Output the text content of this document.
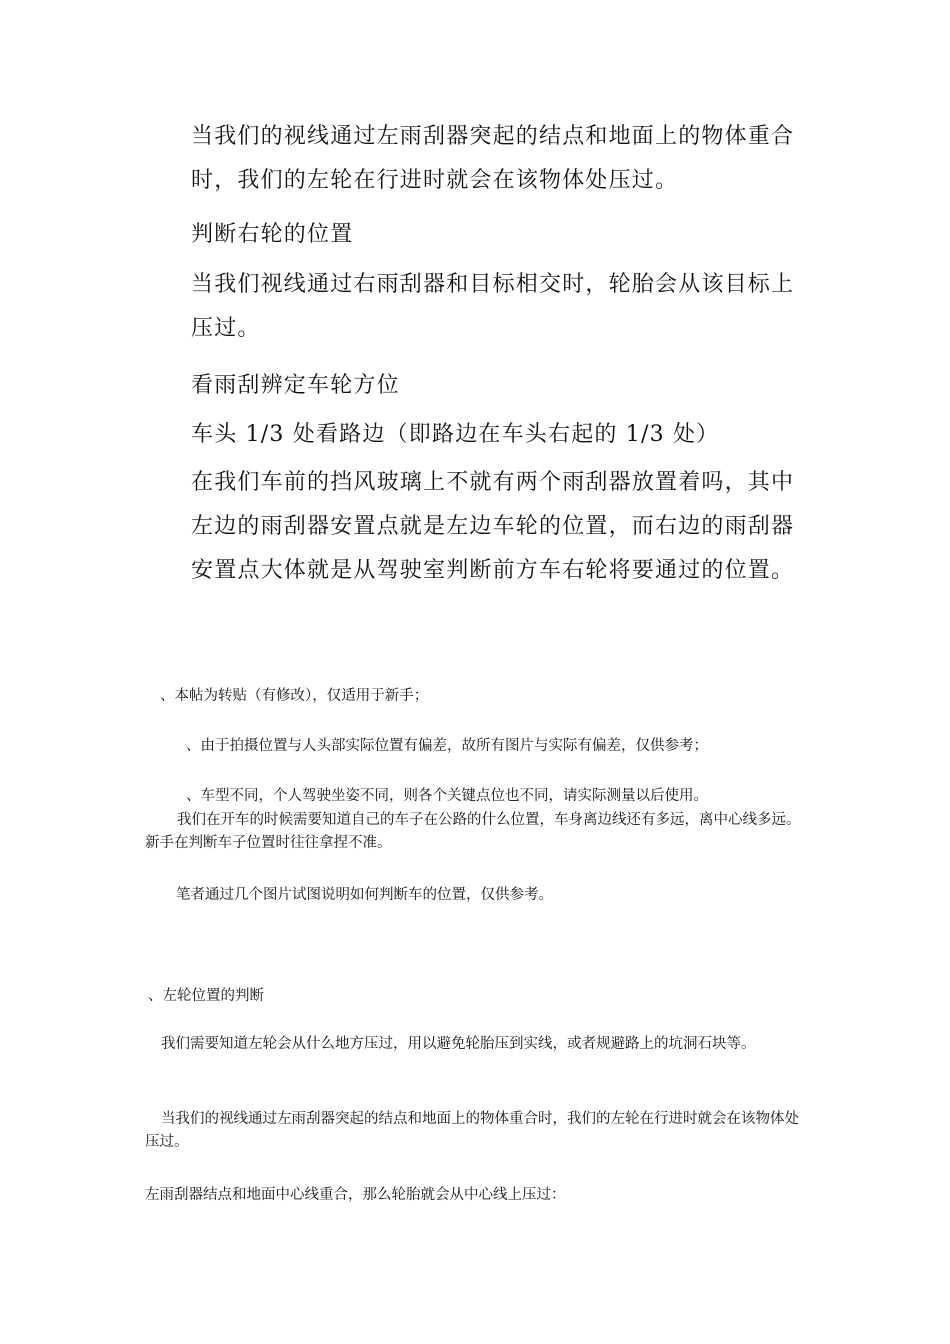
当我们的视线通过左雨刮器突起的结点和地面上的物体重合时，我们的左轮在行进时就会在该物体处压过。
判断右轮的位置
当我们视线通过右雨刮器和目标相交时，轮胎会从该目标上压过。
看雨刮辨定车轮方位
车头 1/3 处看路边（即路边在车头右起的 1/3 处）
在我们车前的挡风玻璃上不就有两个雨刮器放置着吗，其中左边的雨刮器安置点就是左边车轮的位置，而右边的雨刮器安置点大体就是从驾驶室判断前方车右轮将要通过的位置。
、本帖为转贴（有修改），仅适用于新手；
、由于拍摄位置与人头部实际位置有偏差，故所有图片与实际有偏差，仅供参考；
、车型不同，个人驾驶坐姿不同，则各个关键点位也不同，请实际测量以后使用。
我们在开车的时候需要知道自己的车子在公路的什么位置，车身离边线还有多远，离中心线多远。新手在判断车子位置时往往拿捏不准。
笔者通过几个图片试图说明如何判断车的位置，仅供参考。
、左轮位置的判断
我们需要知道左轮会从什么地方压过，用以避免轮胎压到实线，或者规避路上的坑洞石块等。
当我们的视线通过左雨刮器突起的结点和地面上的物体重合时，我们的左轮在行进时就会在该物体处压过。
左雨刮器结点和地面中心线重合，那么轮胎就会从中心线上压过：
